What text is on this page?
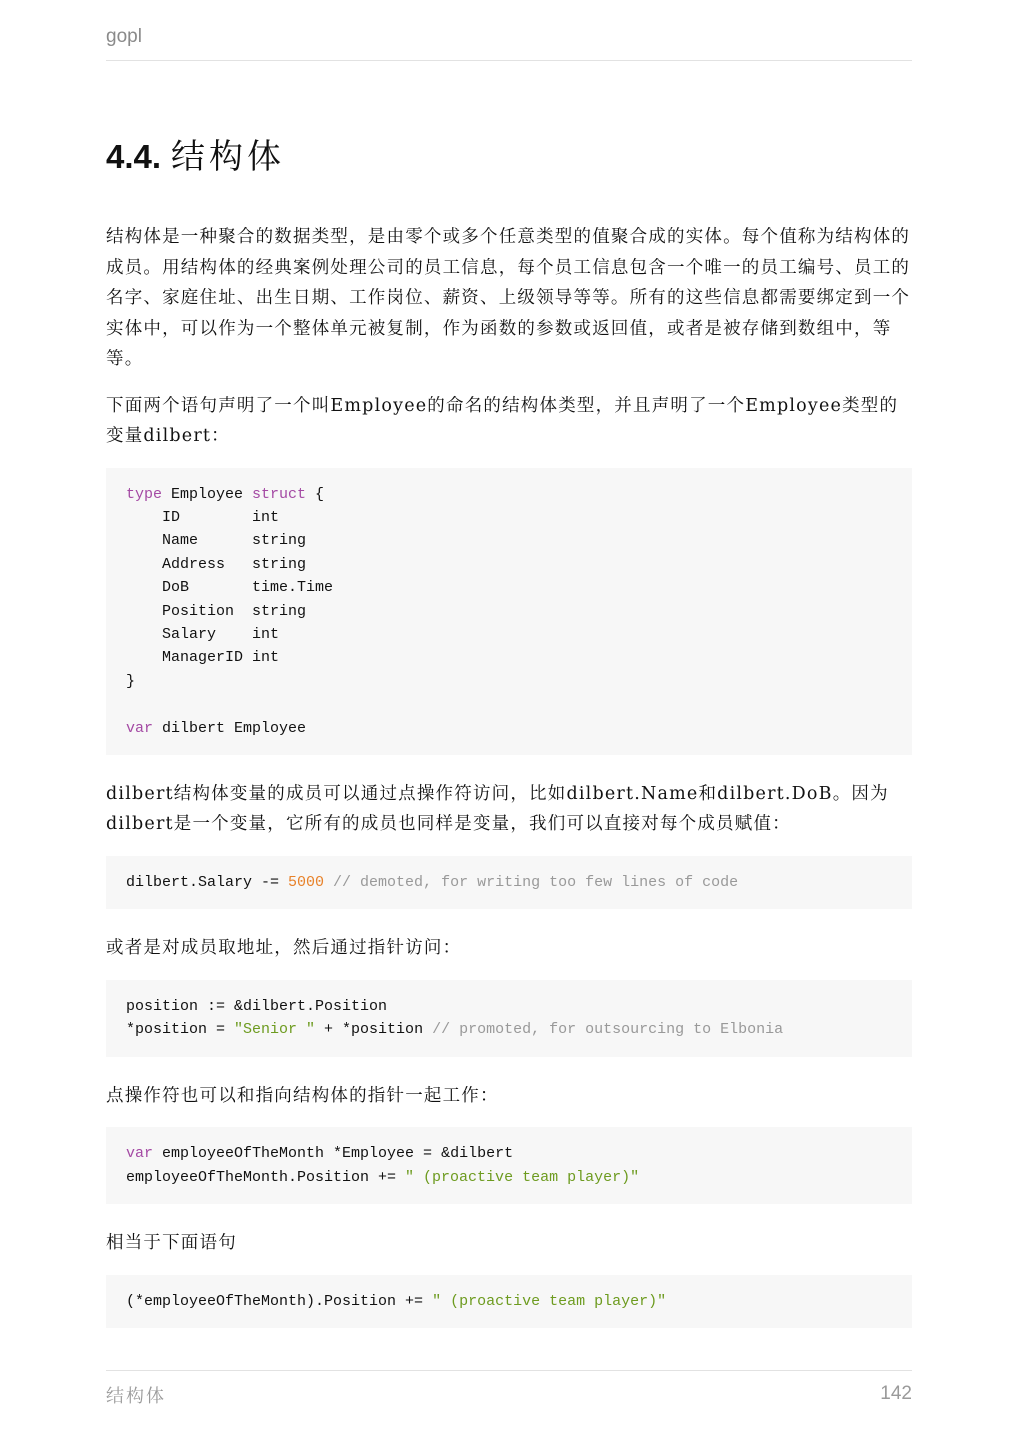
gopl
4.4. 结构体

结构体是一种聚合的数据类型，是由零个或多个任意类型的值聚合成的实体。每个值称为结构体的成员。用结构体的经典案例处理公司的员工信息，每个员工信息包含一个唯一的员工编号、员工的名字、家庭住址、出生日期、工作岗位、薪资、上级领导等等。所有的这些信息都需要绑定到一个实体中，可以作为一个整体单元被复制，作为函数的参数或返回值，或者是被存储到数组中，等等。

下面两个语句声明了一个叫Employee的命名的结构体类型，并且声明了一个Employee类型的变量dilbert：

type Employee struct {
ID        int
Name      string
Address   string
DoB       time.Time
Position  string
Salary    int
ManagerID int
}

var dilbert Employee

dilbert结构体变量的成员可以通过点操作符访问，比如dilbert.Name和dilbert.DoB。因为dilbert是一个变量，它所有的成员也同样是变量，我们可以直接对每个成员赋值：

dilbert.Salary -= 5000 // demoted, for writing too few lines of code

或者是对成员取地址，然后通过指针访问：

position := &dilbert.Position
*position = "Senior " + *position // promoted, for outsourcing to Elbonia

点操作符也可以和指向结构体的指针一起工作：

var employeeOfTheMonth *Employee = &dilbert
employeeOfTheMonth.Position += " (proactive team player)"

相当于下面语句

(*employeeOfTheMonth).Position += " (proactive team player)"
结构体	142
